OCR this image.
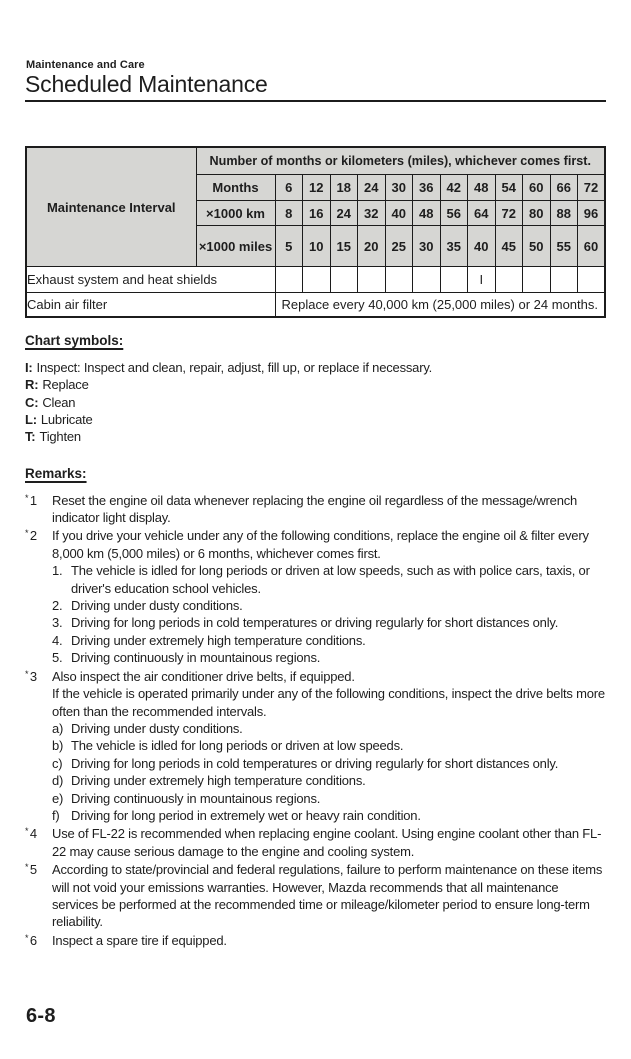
Maintenance and Care
Scheduled Maintenance
Maintenance Interval	Number of months or kilometers (miles), whichever comes first.												
	Months	6	12	18	24	30	36	42	48	54	60	66	72
	×1000 km	8	16	24	32	40	48	56	64	72	80	88	96
	×1000 miles	5	10	15	20	25	30	35	40	45	50	55	60
Exhaust system and heat shields									I				
Cabin air filter		Replace every 40,000 km (25,000 miles) or 24 months.											
Chart symbols:
I: Inspect: Inspect and clean, repair, adjust, fill up, or replace if necessary.
R: Replace
C: Clean
L: Lubricate
T: Tighten
Remarks:
* 1	Reset the engine oil data whenever replacing the engine oil regardless of the message/wrench indicator light display.
* 2	If you drive your vehicle under any of the following conditions, replace the engine oil & filter every 8,000 km (5,000 miles) or 6 months, whichever comes first.
1. The vehicle is idled for long periods or driven at low speeds, such as with police cars, taxis, or driver's education school vehicles.
2. Driving under dusty conditions.
3. Driving for long periods in cold temperatures or driving regularly for short distances only.
4. Driving under extremely high temperature conditions.
5. Driving continuously in mountainous regions.
* 3	Also inspect the air conditioner drive belts, if equipped.
If the vehicle is operated primarily under any of the following conditions, inspect the drive belts more often than the recommended intervals.
a) Driving under dusty conditions.
b) The vehicle is idled for long periods or driven at low speeds.
c) Driving for long periods in cold temperatures or driving regularly for short distances only.
d) Driving under extremely high temperature conditions.
e) Driving continuously in mountainous regions.
f) Driving for long period in extremely wet or heavy rain condition.
* 4	Use of FL-22 is recommended when replacing engine coolant. Using engine coolant other than FL-22 may cause serious damage to the engine and cooling system.
* 5	According to state/provincial and federal regulations, failure to perform maintenance on these items will not void your emissions warranties. However, Mazda recommends that all maintenance services be performed at the recommended time or mileage/kilometer period to ensure long-term reliability.
* 6	Inspect a spare tire if equipped.
6-8
